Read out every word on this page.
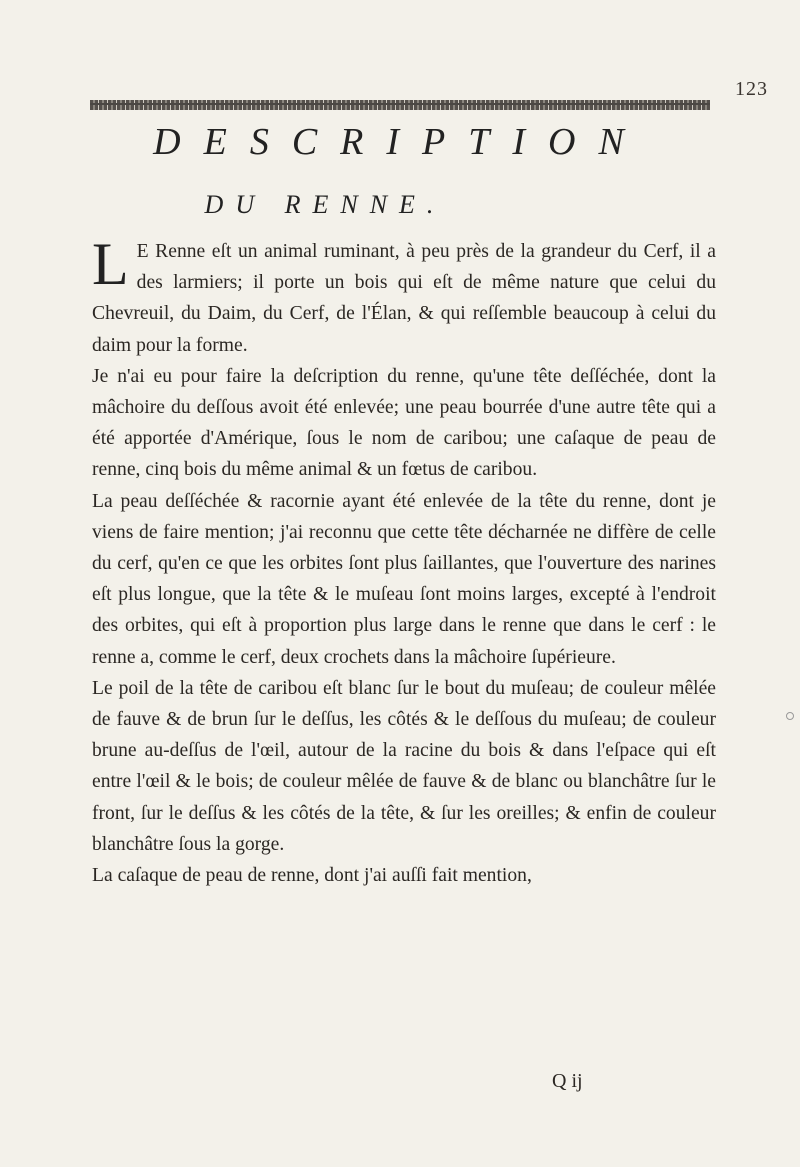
123
DESCRIPTION
DU RENNE.

L E Renne eſt un animal ruminant, à peu près de la grandeur du Cerf, il a des larmiers; il porte un bois qui eſt de même nature que celui du Chevreuil, du Daim, du Cerf, de l'Élan, & qui reſſemble beaucoup à celui du daim pour la forme.

Je n'ai eu pour faire la deſcription du renne, qu'une tête deſſéchée, dont la mâchoire du deſſous avoit été enlevée; une peau bourrée d'une autre tête qui a été apportée d'Amérique, ſous le nom de caribou; une caſaque de peau de renne, cinq bois du même animal & un fœtus de caribou.

La peau deſſéchée & racornie ayant été enlevée de la tête du renne, dont je viens de faire mention; j'ai reconnu que cette tête décharnée ne diffère de celle du cerf, qu'en ce que les orbites ſont plus ſaillantes, que l'ouverture des narines eſt plus longue, que la tête & le muſeau ſont moins larges, excepté à l'endroit des orbites, qui eſt à proportion plus large dans le renne que dans le cerf : le renne a, comme le cerf, deux crochets dans la mâchoire ſupérieure.

Le poil de la tête de caribou eſt blanc ſur le bout du muſeau; de couleur mêlée de fauve & de brun ſur le deſſus, les côtés & le deſſous du muſeau; de couleur brune au-deſſus de l'œil, autour de la racine du bois & dans l'eſpace qui eſt entre l'œil & le bois; de couleur mêlée de fauve & de blanc ou blanchâtre ſur le front, ſur le deſſus & les côtés de la tête, & ſur les oreilles; & enfin de couleur blanchâtre ſous la gorge.

La caſaque de peau de renne, dont j'ai auſſi fait mention,

Q ij
